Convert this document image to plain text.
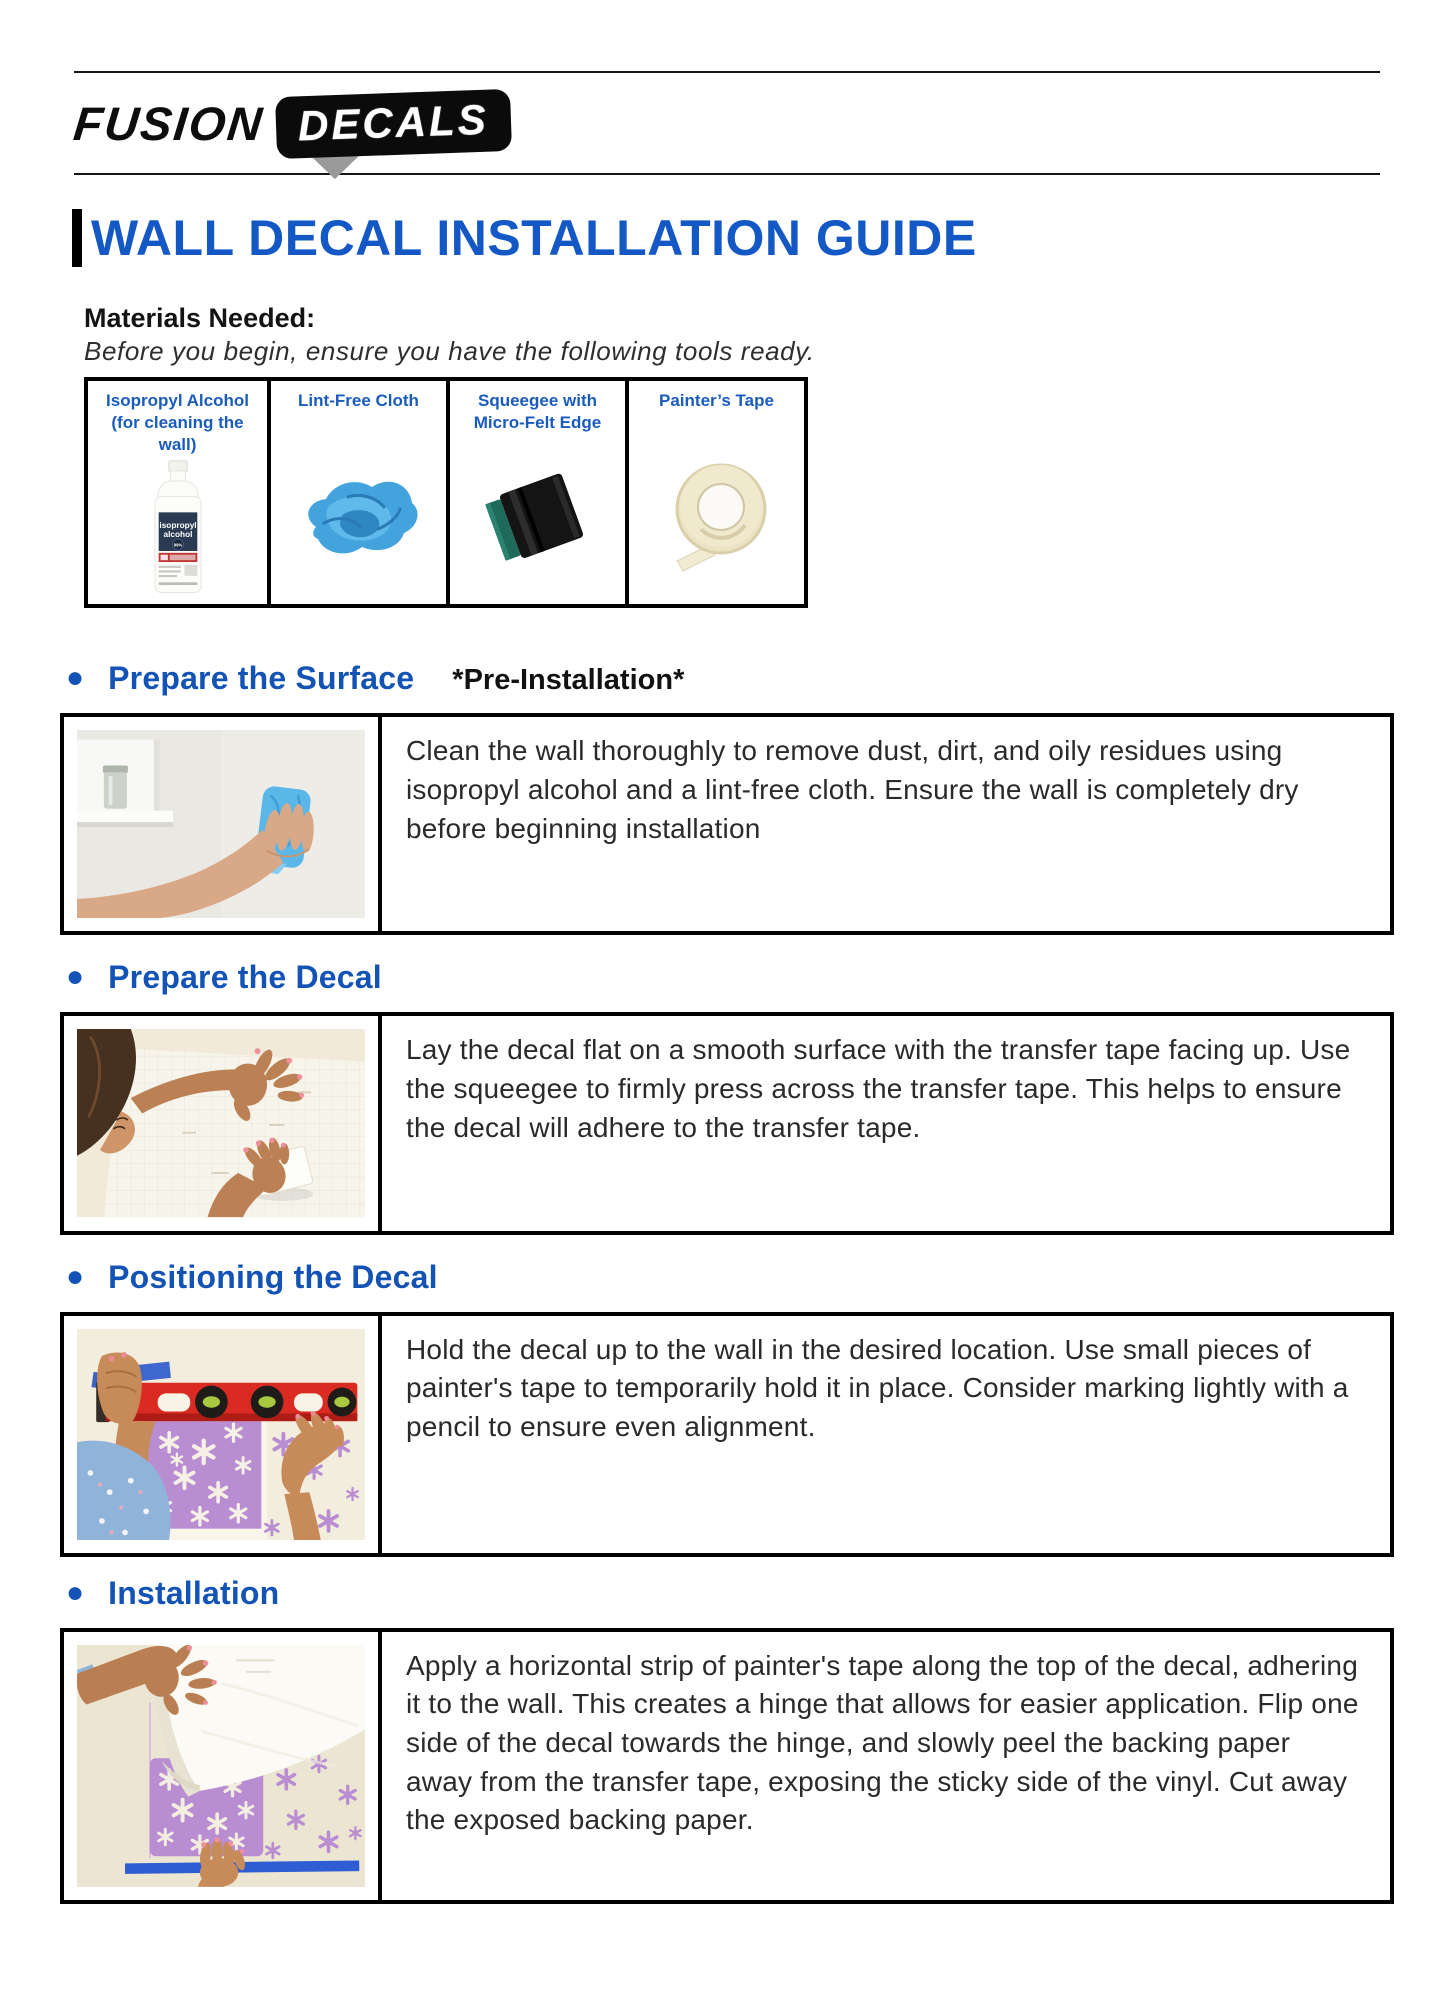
FUSION DECALS
WALL DECAL INSTALLATION GUIDE

Materials Needed:

Before you begin, ensure you have the following tools ready.

Isopropyl Alcohol (for cleaning the wall)
isopropyl
alcohol
99%
Lint-Free Cloth	Squeegee with Micro-Felt Edge
Painter’s Tape
● Prepare the Surface *Pre-Installation*
Clean the wall thoroughly to remove dust, dirt, and oily residues using isopropyl alcohol and a lint-free cloth. Ensure the wall is completely dry before beginning installation
● Prepare the Decal
Lay the decal flat on a smooth surface with the transfer tape facing up. Use the squeegee to firmly press across the transfer tape. This helps to ensure the decal will adhere to the transfer tape.
● Positioning the Decal
Hold the decal up to the wall in the desired location. Use small pieces of painter's tape to temporarily hold it in place. Consider marking lightly with a pencil to ensure even alignment.
● Installation
Apply a horizontal strip of painter's tape along the top of the decal, adhering it to the wall. This creates a hinge that allows for easier application. Flip one side of the decal towards the hinge, and slowly peel the backing paper away from the transfer tape, exposing the sticky side of the vinyl. Cut away the exposed backing paper.
